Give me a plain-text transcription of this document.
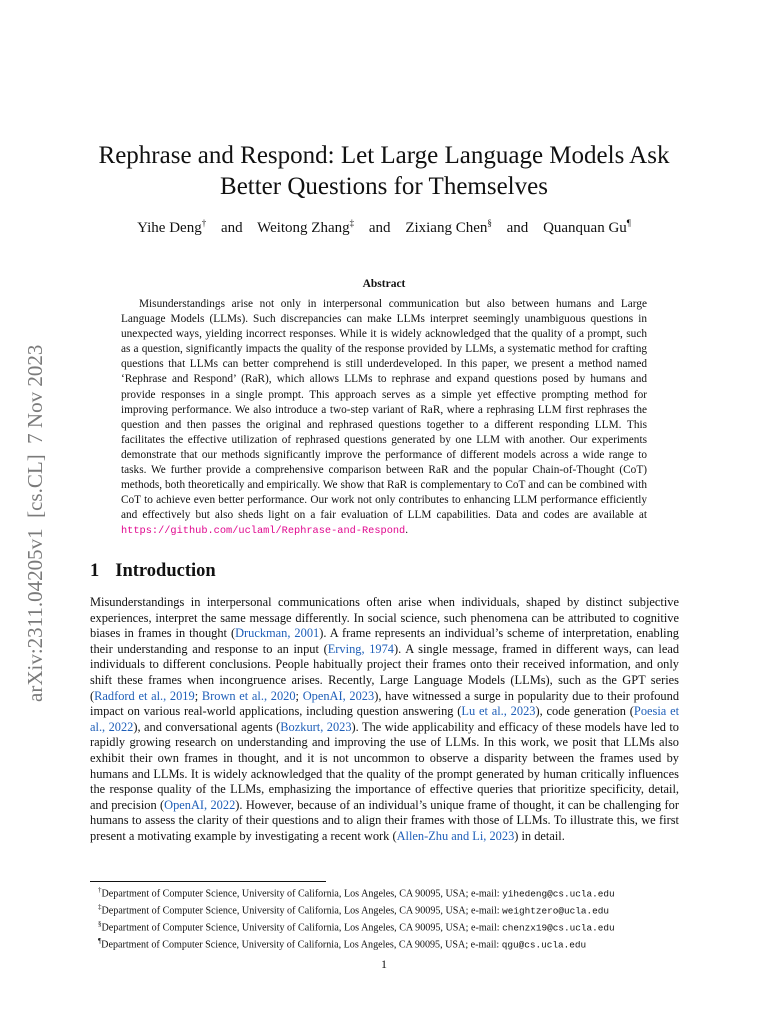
arXiv:2311.04205v1  [cs.CL]  7 Nov 2023
Rephrase and Respond: Let Large Language Models Ask
Better Questions for Themselves
Yihe Deng† and Weitong Zhang‡ and Zixiang Chen§ and Quanquan Gu¶
Abstract

Misunderstandings arise not only in interpersonal communication but also between humans and Large Language Models (LLMs). Such discrepancies can make LLMs interpret seemingly unambiguous questions in unexpected ways, yielding incorrect responses. While it is widely acknowledged that the quality of a prompt, such as a question, significantly impacts the quality of the response provided by LLMs, a systematic method for crafting questions that LLMs can better comprehend is still underdeveloped. In this paper, we present a method named ‘Rephrase and Respond’ (RaR), which allows LLMs to rephrase and expand questions posed by humans and provide responses in a single prompt. This approach serves as a simple yet effective prompting method for improving performance. We also introduce a two-step variant of RaR, where a rephrasing LLM first rephrases the question and then passes the original and rephrased questions together to a different responding LLM. This facilitates the effective utilization of rephrased questions generated by one LLM with another. Our experiments demonstrate that our methods significantly improve the performance of different models across a wide range to tasks. We further provide a comprehensive comparison between RaR and the popular Chain-of-Thought (CoT) methods, both theoretically and empirically. We show that RaR is complementary to CoT and can be combined with CoT to achieve even better performance. Our work not only contributes to enhancing LLM performance efficiently and effectively but also sheds light on a fair evaluation of LLM capabilities. Data and codes are available at https://github.com/uclaml/Rephrase-and-Respond.

1 Introduction

Misunderstandings in interpersonal communications often arise when individuals, shaped by distinct subjective experiences, interpret the same message differently. In social science, such phenomena can be attributed to cognitive biases in frames in thought (Druckman, 2001). A frame represents an individual’s scheme of interpretation, enabling their understanding and response to an input (Erving, 1974). A single message, framed in different ways, can lead individuals to different conclusions. People habitually project their frames onto their received information, and only shift these frames when incongruence arises. Recently, Large Language Models (LLMs), such as the GPT series (Radford et al., 2019; Brown et al., 2020; OpenAI, 2023), have witnessed a surge in popularity due to their profound impact on various real-world applications, including question answering (Lu et al., 2023), code generation (Poesia et al., 2022), and conversational agents (Bozkurt, 2023). The wide applicability and efficacy of these models have led to rapidly growing research on understanding and improving the use of LLMs. In this work, we posit that LLMs also exhibit their own frames in thought, and it is not uncommon to observe a disparity between the frames used by humans and LLMs. It is widely acknowledged that the quality of the prompt generated by human critically influences the response quality of the LLMs, emphasizing the importance of effective queries that prioritize specificity, detail, and precision (OpenAI, 2022). However, because of an individual’s unique frame of thought, it can be challenging for humans to assess the clarity of their questions and to align their frames with those of LLMs. To illustrate this, we first present a motivating example by investigating a recent work (Allen-Zhu and Li, 2023) in detail.

†Department of Computer Science, University of California, Los Angeles, CA 90095, USA; e-mail: yihedeng@cs.ucla.edu
‡Department of Computer Science, University of California, Los Angeles, CA 90095, USA; e-mail: weightzero@ucla.edu
§Department of Computer Science, University of California, Los Angeles, CA 90095, USA; e-mail: chenzx19@cs.ucla.edu
¶Department of Computer Science, University of California, Los Angeles, CA 90095, USA; e-mail: qgu@cs.ucla.edu
1
